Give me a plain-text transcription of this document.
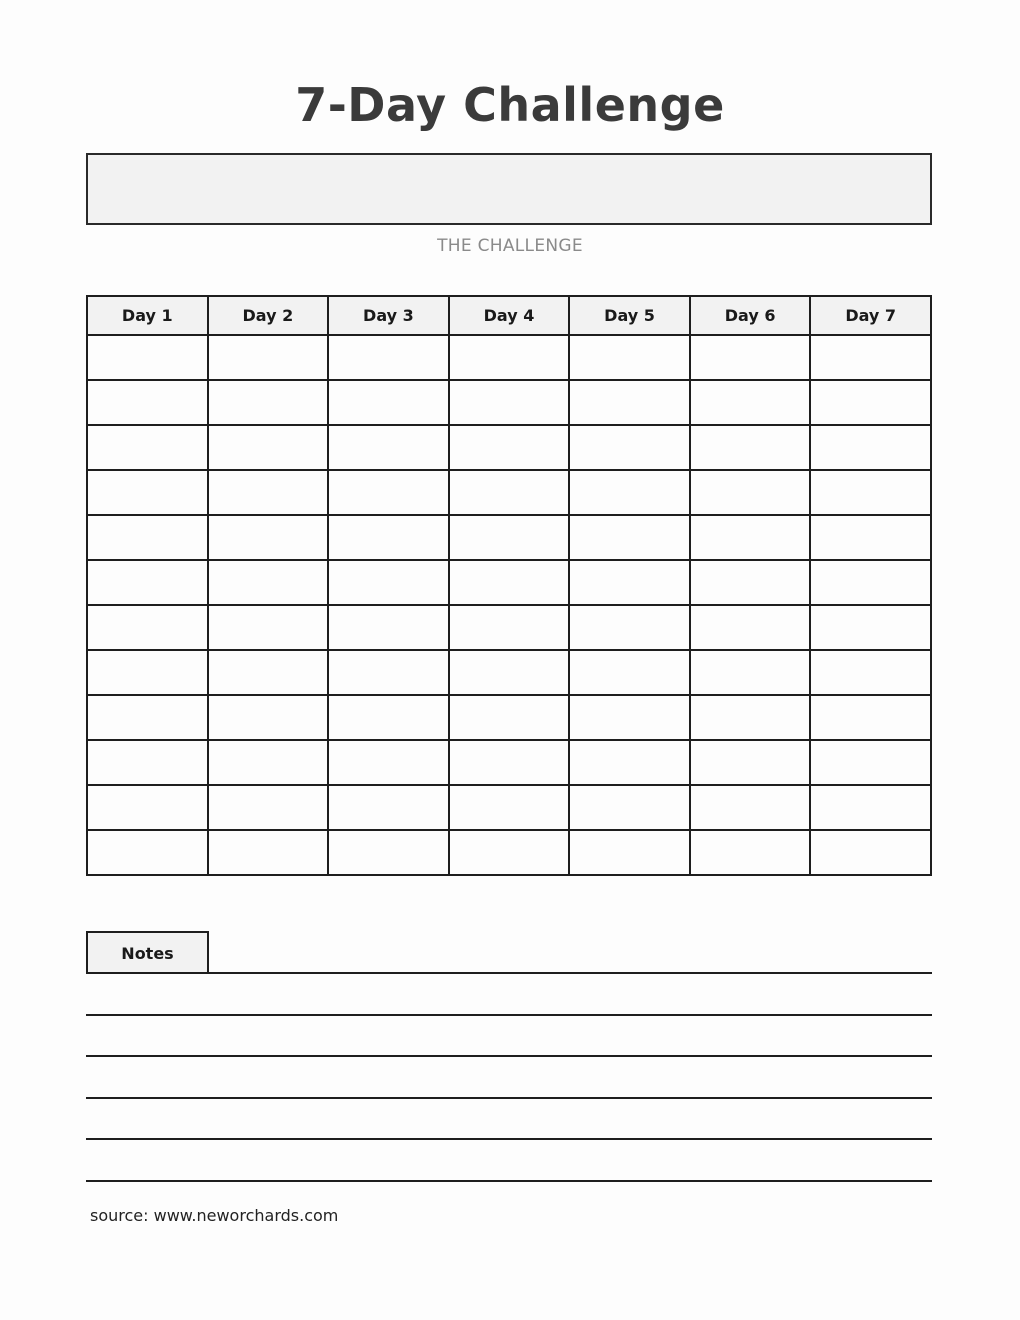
7-Day Challenge
THE CHALLENGE
Day 1	Day 2	Day 3	Day 4	Day 5	Day 6	Day 7

Notes
source: www.neworchards.com
